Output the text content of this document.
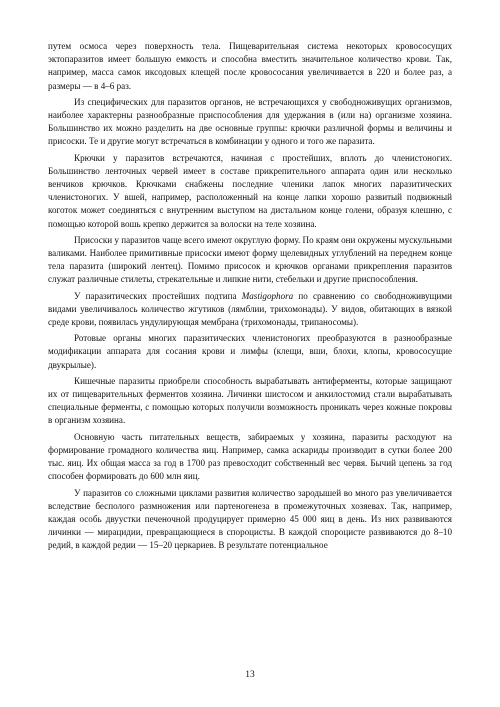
путем осмоса через поверхность тела. Пищеварительная система некоторых кровососущих эктопаразитов имеет большую емкость и способна вместить значительное количество крови. Так, например, масса самок иксодовых клещей после кровососания увеличивается в 220 и более раз, а размеры — в 4–6 раз.

Из специфических для паразитов органов, не встречающихся у свободноживущих организмов, наиболее характерны разнообразные приспособления для удержания в (или на) организме хозяина. Большинство их можно разделить на две основные группы: крючки различной формы и величины и присоски. Те и другие могут встречаться в комбинации у одного и того же паразита.

Крючки у паразитов встречаются, начиная с простейших, вплоть до членистоногих. Большинство ленточных червей имеет в составе прикрепительного аппарата один или несколько венчиков крючков. Крючками снабжены последние членики лапок многих паразитических членистоногих. У вшей, например, расположенный на конце лапки хорошо развитый подвижный коготок может соединяться с внутренним выступом на дистальном конце голени, образуя клешню, с помощью которой вошь крепко держится за волоски на теле хозяина.

Присоски у паразитов чаще всего имеют округлую форму. По краям они окружены мускульными валиками. Наиболее примитивные присоски имеют форму щелевидных углублений на переднем конце тела паразита (широкий лентец). Помимо присосок и крючков органами прикрепления паразитов служат различные стилеты, стрекательные и липкие нити, стебельки и другие приспособления.

У паразитических простейших подтипа Mastigophora по сравнению со свободноживущими видами увеличивалось количество жгутиков (лямблии, трихомонады). У видов, обитающих в вязкой среде крови, появилась ундулирующая мембрана (трихомонады, трипаносомы).

Ротовые органы многих паразитических членистоногих преобразуются в разнообразные модификации аппарата для сосания крови и лимфы (клещи, вши, блохи, клопы, кровососущие двукрылые).

Кишечные паразиты приобрели способность вырабатывать антиферменты, которые защищают их от пищеварительных ферментов хозяина. Личинки шистосом и анкилостомид стали вырабатывать специальные ферменты, с помощью которых получили возможность проникать через кожные покровы в организм хозяина.

Основную часть питательных веществ, забираемых у хозяина, паразиты расходуют на формирование громадного количества яиц. Например, самка аскариды производит в сутки более 200 тыс. яиц. Их общая масса за год в 1700 раз превосходит собственный вес червя. Бычий цепень за год способен формировать до 600 млн яиц.

У паразитов со сложными циклами развития количество зародышей во много раз увеличивается вследствие бесполого размножения или партеногенеза в промежуточных хозяевах. Так, например, каждая особь двуустки печеночной продуцирует примерно 45 000 яиц в день. Из них развиваются личинки — мирацидии, превращающиеся в спороцисты. В каждой спороцисте развиваются до 8–10 редий, в каждой редии — 15–20 церкариев. В результате потенциальное

13
